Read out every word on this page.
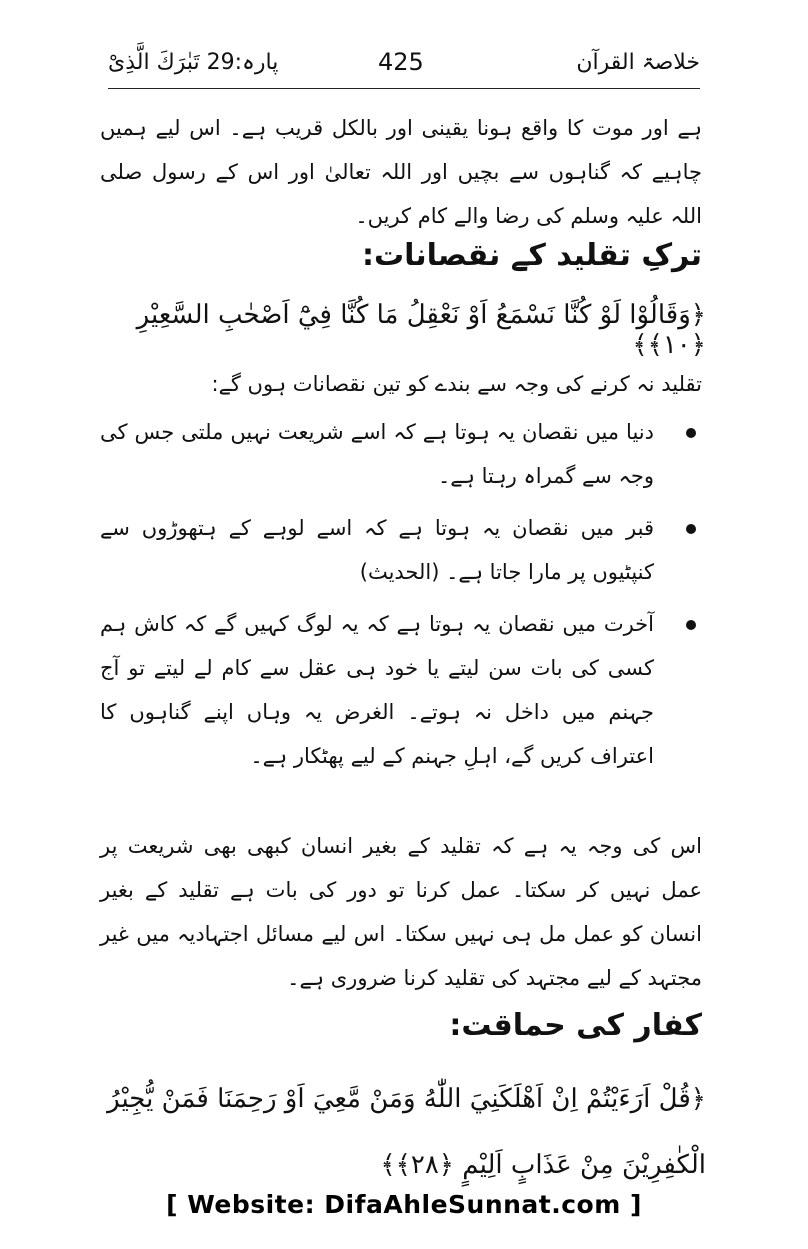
خلاصۃ القرآن
425
پارہ:29 تَبٰرَكَ الَّذِىْ
ہے اور موت کا واقع ہونا یقینی اور بالکل قریب ہے۔ اس لیے ہمیں چاہیے کہ گناہوں سے بچیں اور اللہ تعالیٰ اور اس کے رسول صلی اللہ علیہ وسلم کی رضا والے کام کریں۔
ترکِ تقلید کے نقصانات:
﴿وَقَالُوْا لَوْ كُنَّا نَسْمَعُ اَوْ نَعْقِلُ مَا كُنَّا فِيْٓ اَصْحٰبِ السَّعِيْرِ ﴿١٠﴾﴾
تقلید نہ کرنے کی وجہ سے بندے کو تین نقصانات ہوں گے:
دنیا میں نقصان یہ ہوتا ہے کہ اسے شریعت نہیں ملتی جس کی وجہ سے گمراہ رہتا ہے۔
قبر میں نقصان یہ ہوتا ہے کہ اسے لوہے کے ہتھوڑوں سے کنپٹیوں پر مارا جاتا ہے۔ (الحدیث)
آخرت میں نقصان یہ ہوتا ہے کہ یہ لوگ کہیں گے کہ کاش ہم کسی کی بات سن لیتے یا خود ہی عقل سے کام لے لیتے تو آج جہنم میں داخل نہ ہوتے۔ الغرض یہ وہاں اپنے گناہوں کا اعتراف کریں گے، اہلِ جہنم کے لیے پھٹکار ہے۔
اس کی وجہ یہ ہے کہ تقلید کے بغیر انسان کبھی بھی شریعت پر عمل نہیں کر سکتا۔ عمل کرنا تو دور کی بات ہے تقلید کے بغیر انسان کو عمل مل ہی نہیں سکتا۔ اس لیے مسائل اجتہادیہ میں غیر مجتہد کے لیے مجتہد کی تقلید کرنا ضروری ہے۔
کفار کی حماقت:
﴿قُلْ اَرَءَيْتُمْ اِنْ اَهْلَكَنِيَ اللّٰهُ وَمَنْ مَّعِيَ اَوْ رَحِمَنَا فَمَنْ يُّجِيْرُ الْكٰفِرِيْنَ مِنْ عَذَابٍ اَلِيْمٍ ﴿٢٨﴾﴾
[ Website: DifaAhleSunnat.com ]
